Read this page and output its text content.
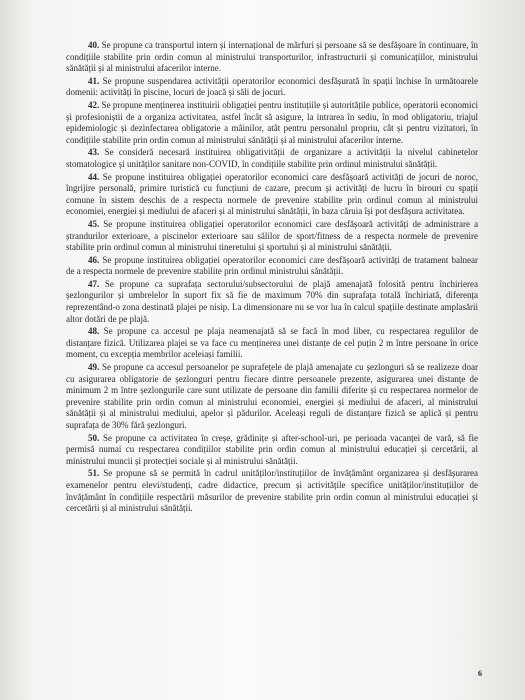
40. Se propune ca transportul intern și internațional de mărfuri și persoane să se desfășoare în continuare, în condițiile stabilite prin ordin comun al ministrului transporturilor, infrastructurii și comunicațiilor, ministrului sănătății și al ministrului afacerilor interne.

41. Se propune suspendarea activității operatorilor economici desfășurată în spații închise în următoarele domenii: activități în piscine, locuri de joacă și săli de jocuri.

42. Se propune menținerea instituirii obligației pentru instituțiile și autoritățile publice, operatorii economici și profesioniștii de a organiza activitatea, astfel încât să asigure, la intrarea în sediu, în mod obligatoriu, triajul epidemiologic și dezinfectarea obligatorie a mâinilor, atât pentru personalul propriu, cât și pentru vizitatori, în condițiile stabilite prin ordin comun al ministrului sănătății și al ministrului afacerilor interne.

43. Se consideră necesară instituirea obligativității de organizare a activității la nivelul cabinetelor stomatologice și unităților sanitare non-COVID, în condițiile stabilite prin ordinul ministrului sănătății.

44. Se propune instituirea obligației operatorilor economici care desfășoară activități de jocuri de noroc, îngrijire personală, primire turistică cu funcțiuni de cazare, precum și activități de lucru în birouri cu spații comune în sistem deschis de a respecta normele de prevenire stabilite prin ordinul comun al ministrului economiei, energiei și mediului de afaceri și al ministrului sănătății, în baza căruia își pot desfășura activitatea.

45. Se propune instituirea obligației operatorilor economici care desfășoară activități de administrare a ștrandurilor exterioare, a piscinelor exterioare sau sălilor de sport/fitness de a respecta normele de prevenire stabilite prin ordinul comun al ministrului tineretului și sportului și al ministrului sănătății.

46. Se propune instituirea obligației operatorilor economici care desfășoară activități de tratament balnear de a respecta normele de prevenire stabilite prin ordinul ministrului sănătății.

47. Se propune ca suprafața sectorului/subsectorului de plajă amenajată folosită pentru închirierea șezlongurilor și umbrelelor în suport fix să fie de maximum 70% din suprafața totală închiriată, diferența reprezentând-o zona destinată plajei pe nisip. La dimensionare nu se vor lua în calcul spațiile destinate amplasării altor dotări de pe plajă.

48. Se propune ca accesul pe plaja neamenajată să se facă în mod liber, cu respectarea regulilor de distanțare fizică. Utilizarea plajei se va face cu menținerea unei distanțe de cel puțin 2 m între persoane în orice moment, cu excepția membrilor aceleiași familii.

49. Se propune ca accesul persoanelor pe suprafețele de plajă amenajate cu șezlonguri să se realizeze doar cu asigurarea obligatorie de șezlonguri pentru fiecare dintre persoanele prezente, asigurarea unei distanțe de minimum 2 m între șezlongurile care sunt utilizate de persoane din familii diferite și cu respectarea normelor de prevenire stabilite prin ordin comun al ministrului economiei, energiei și mediului de afaceri, al ministrului sănătății și al ministrului mediului, apelor și pădurilor. Aceleași reguli de distanțare fizică se aplică și pentru suprafața de 30% fără șezlonguri.

50. Se propune ca activitatea în creșe, grădinițe și after-school-uri, pe perioada vacanței de vară, să fie permisă numai cu respectarea condițiilor stabilite prin ordin comun al ministrului educației și cercetării, al ministrului muncii și protecției sociale și al ministrului sănătății.

51. Se propune să se permită în cadrul unităților/instituțiilor de învățământ organizarea și desfășurarea examenelor pentru elevi/studenți, cadre didactice, precum și activitățile specifice unităților/instituțiilor de învățământ în condițiile respectării măsurilor de prevenire stabilite prin ordin comun al ministrului educației și cercetării și al ministrului sănătății.

6
